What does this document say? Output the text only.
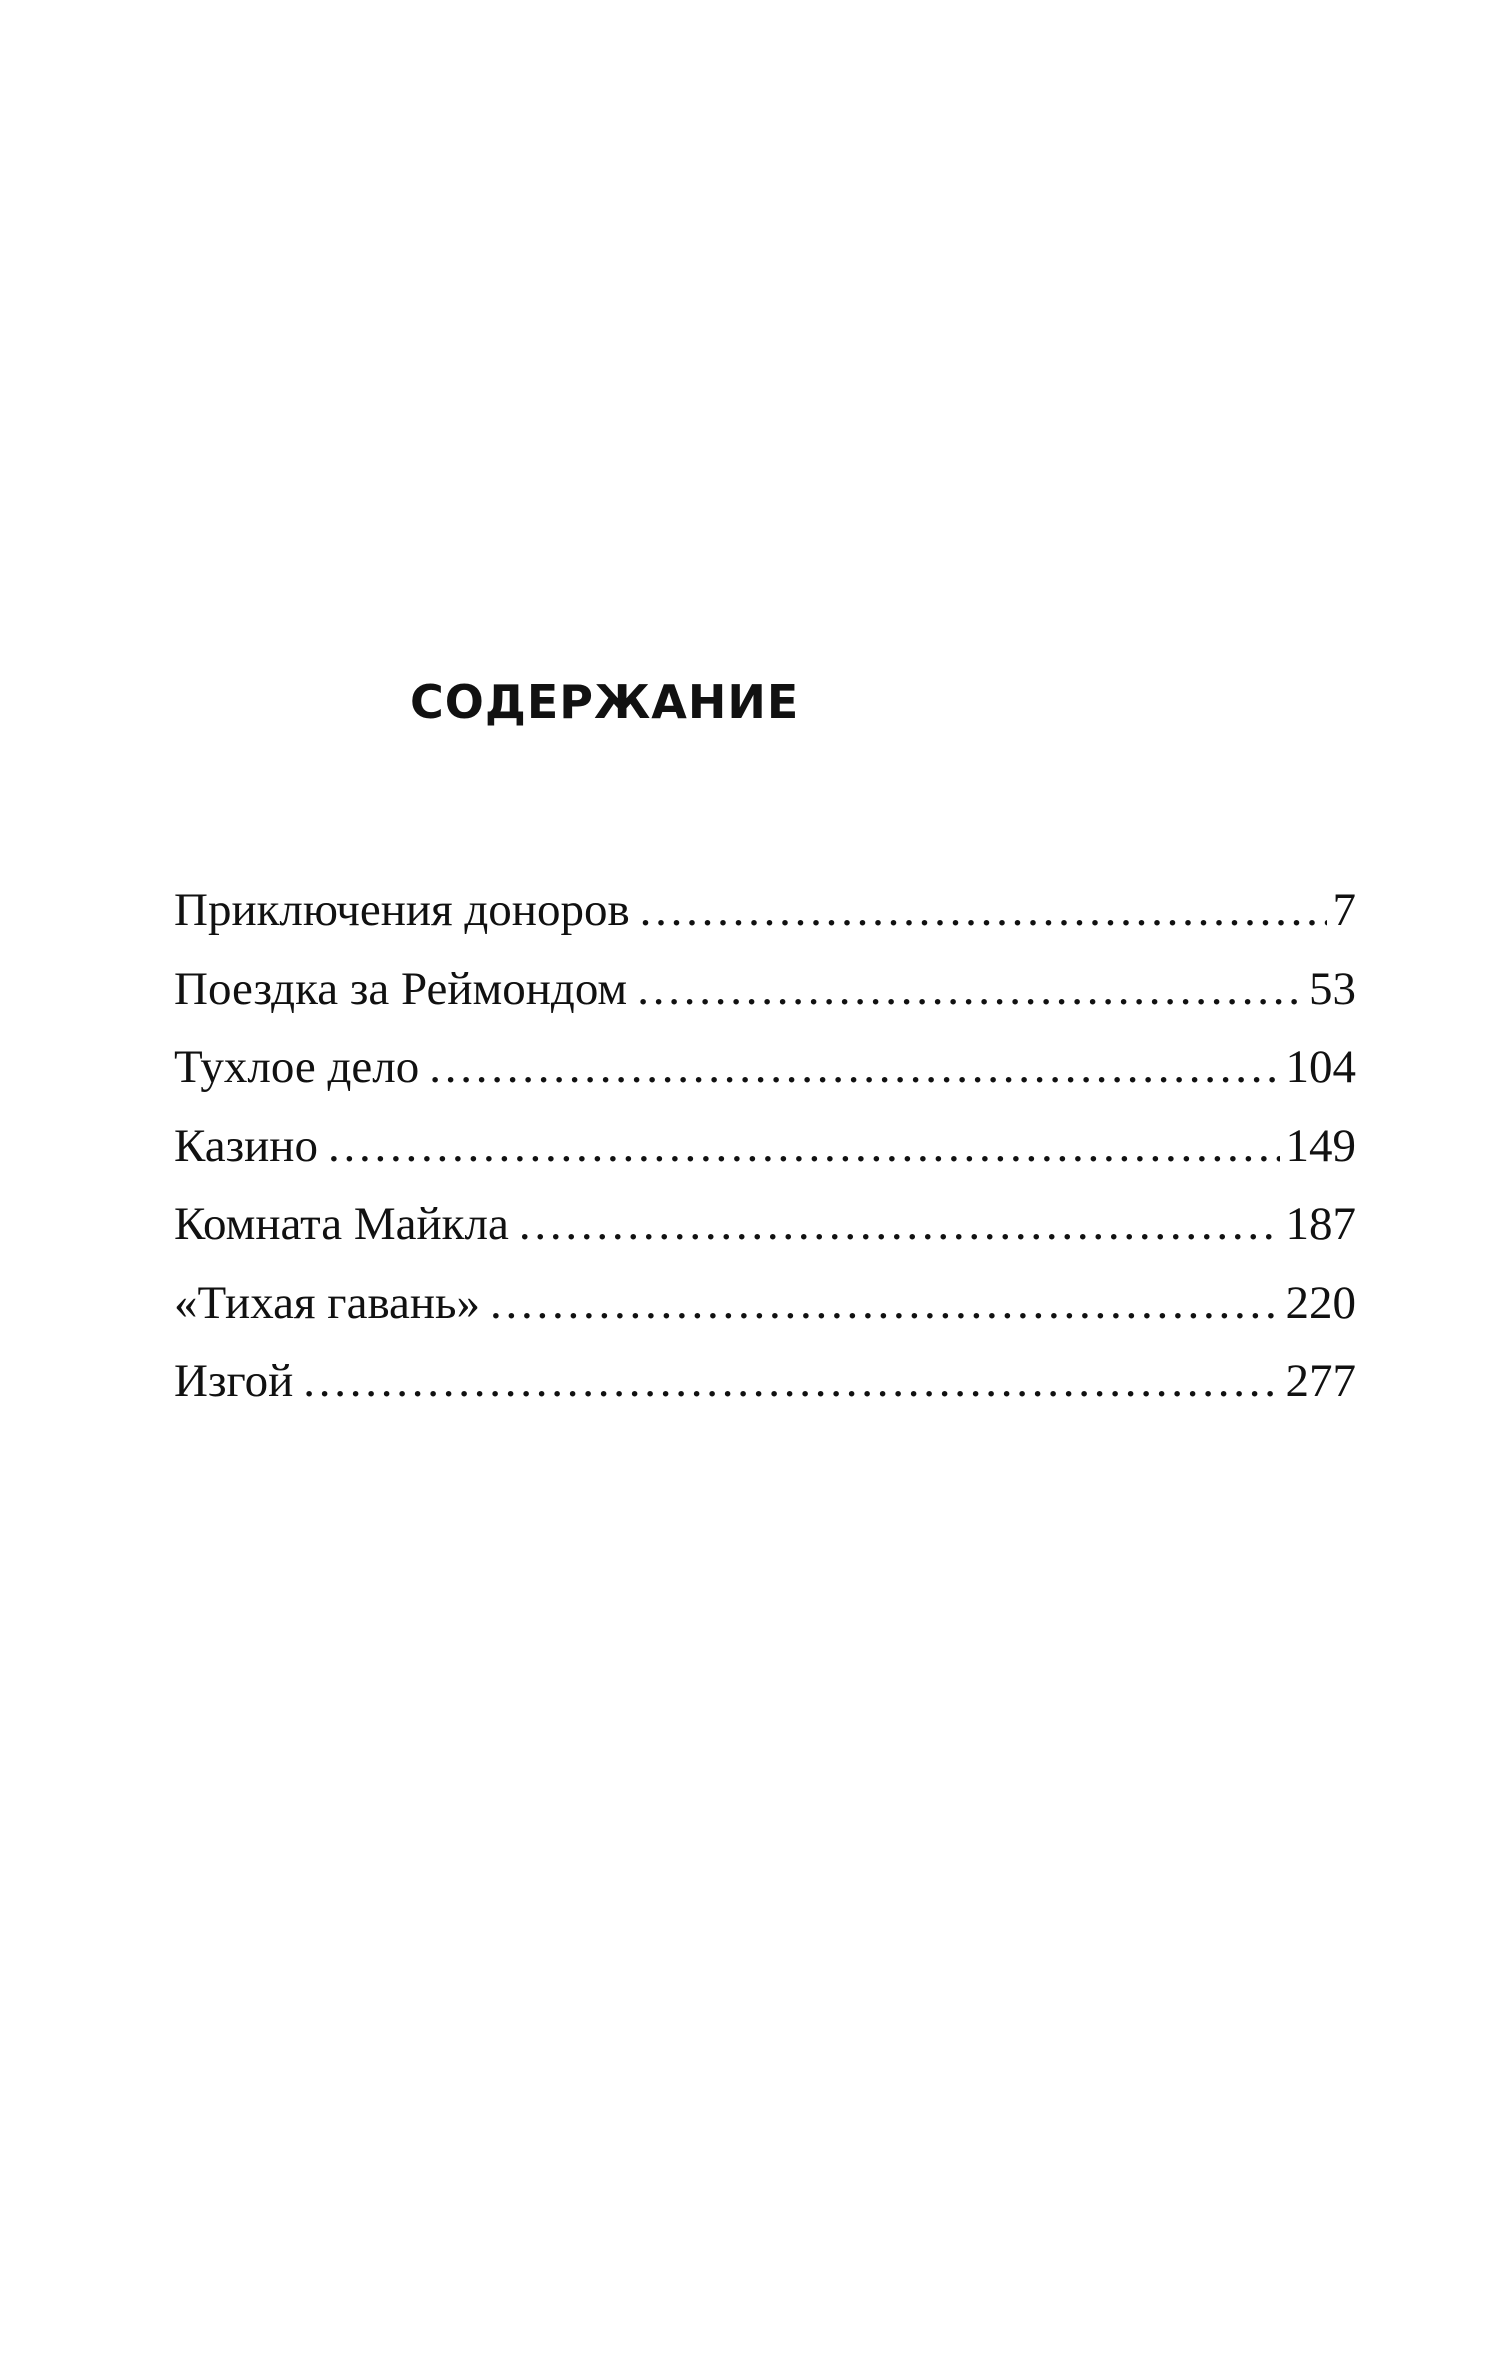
СОДЕРЖАНИЕ
Приключения доноров . . .	7
Поездка за Реймондом . . .	53
Тухлое дело . . .	104
Казино . . .	149
Комната Майкла . . .	187
«Тихая гавань» . . .	220
Изгой . . .	277
